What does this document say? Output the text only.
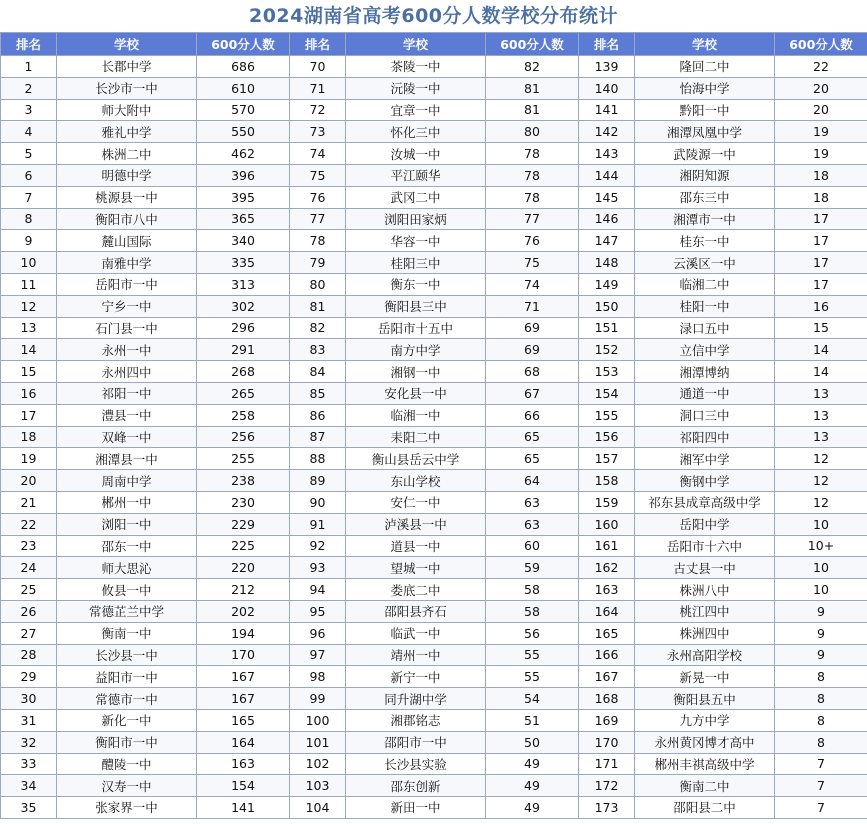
2024湖南省高考600分人数学校分布统计
排名	学校	600分人数	排名	学校	600分人数	排名	学校	600分人数
1	长郡中学	686	70	茶陵一中	82	139	隆回二中	22
2	长沙市一中	610	71	沅陵一中	81	140	怡海中学	20
3	师大附中	570	72	宜章一中	81	141	黔阳一中	20
4	雅礼中学	550	73	怀化三中	80	142	湘潭凤凰中学	19
5	株洲二中	462	74	汝城一中	78	143	武陵源一中	19
6	明德中学	396	75	平江颐华	78	144	湘阴知源	18
7	桃源县一中	395	76	武冈二中	78	145	邵东三中	18
8	衡阳市八中	365	77	浏阳田家炳	77	146	湘潭市一中	17
9	麓山国际	340	78	华容一中	76	147	桂东一中	17
10	南雅中学	335	79	桂阳三中	75	148	云溪区一中	17
11	岳阳市一中	313	80	衡东一中	74	149	临湘二中	17
12	宁乡一中	302	81	衡阳县三中	71	150	桂阳一中	16
13	石门县一中	296	82	岳阳市十五中	69	151	渌口五中	15
14	永州一中	291	83	南方中学	69	152	立信中学	14
15	永州四中	268	84	湘钢一中	68	153	湘潭博纳	14
16	祁阳一中	265	85	安化县一中	67	154	通道一中	13
17	澧县一中	258	86	临湘一中	66	155	洞口三中	13
18	双峰一中	256	87	耒阳二中	65	156	祁阳四中	13
19	湘潭县一中	255	88	衡山县岳云中学	65	157	湘军中学	12
20	周南中学	238	89	东山学校	64	158	衡钢中学	12
21	郴州一中	230	90	安仁一中	63	159	祁东县成章高级中学	12
22	浏阳一中	229	91	泸溪县一中	63	160	岳阳中学	10
23	邵东一中	225	92	道县一中	60	161	岳阳市十六中	10+
24	师大思沁	220	93	望城一中	59	162	古丈县一中	10
25	攸县一中	212	94	娄底二中	58	163	株洲八中	10
26	常德芷兰中学	202	95	邵阳县齐石	58	164	桃江四中	9
27	衡南一中	194	96	临武一中	56	165	株洲四中	9
28	长沙县一中	170	97	靖州一中	55	166	永州高阳学校	9
29	益阳市一中	167	98	新宁一中	55	167	新晃一中	8
30	常德市一中	167	99	同升湖中学	54	168	衡阳县五中	8
31	新化一中	165	100	湘郡铭志	51	169	九方中学	8
32	衡阳市一中	164	101	邵阳市一中	50	170	永州黄冈博才高中	8
33	醴陵一中	163	102	长沙县实验	49	171	郴州丰祺高级中学	7
34	汉寿一中	154	103	邵东创新	49	172	衡南二中	7
35	张家界一中	141	104	新田一中	49	173	邵阳县二中	7
